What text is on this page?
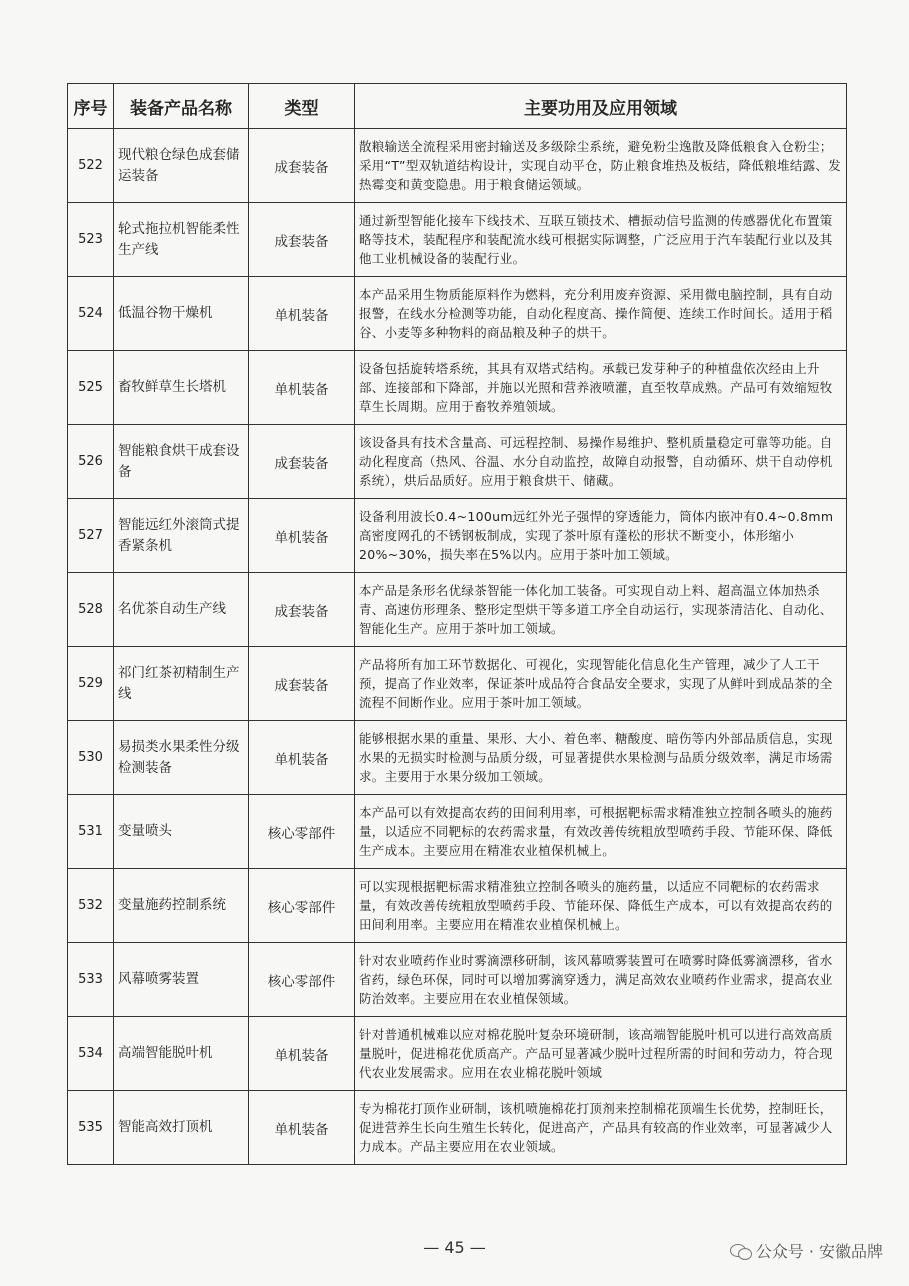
序号	装备产品名称	类型	主要功用及应用领域
522	现代粮仓绿色成套储运装备	成套装备	散粮输送全流程采用密封输送及多级除尘系统，避免粉尘逸散及降低粮食入仓粉尘；采用“T”型双轨道结构设计，实现自动平仓，防止粮食堆热及板结，降低粮堆结露、发热霉变和黄变隐患。用于粮食储运领域。
523	轮式拖拉机智能柔性生产线	成套装备	通过新型智能化接车下线技术、互联互锁技术、槽振动信号监测的传感器优化布置策略等技术，装配程序和装配流水线可根据实际调整，广泛应用于汽车装配行业以及其他工业机械设备的装配行业。
524	低温谷物干燥机	单机装备	本产品采用生物质能原料作为燃料，充分利用废弃资源、采用微电脑控制，具有自动报警，在线水分检测等功能，自动化程度高、操作简便、连续工作时间长。适用于稻谷、小麦等多种物料的商品粮及种子的烘干。
525	畜牧鲜草生长塔机	单机装备	设备包括旋转塔系统，其具有双塔式结构。承载已发芽种子的种植盘依次经由上升部、连接部和下降部，并施以光照和营养液喷灌，直至牧草成熟。产品可有效缩短牧草生长周期。应用于畜牧养殖领域。
526	智能粮食烘干成套设备	成套装备	该设备具有技术含量高、可远程控制、易操作易维护、整机质量稳定可靠等功能。自动化程度高（热风、谷温、水分自动监控，故障自动报警，自动循环、烘干自动停机系统），烘后品质好。应用于粮食烘干、储藏。
527	智能远红外滚筒式提香紧条机	单机装备	设备利用波长0.4~100um远红外光子强悍的穿透能力，筒体内嵌冲有0.4~0.8mm高密度网孔的不锈钢板制成，实现了茶叶原有蓬松的形状不断变小，体形缩小20%~30%，损失率在5%以内。应用于茶叶加工领域。
528	名优茶自动生产线	成套装备	本产品是条形名优绿茶智能一体化加工装备。可实现自动上料、超高温立体加热杀青、高速仿形理条、整形定型烘干等多道工序全自动运行，实现茶清洁化、自动化、智能化生产。应用于茶叶加工领域。
529	祁门红茶初精制生产线	成套装备	产品将所有加工环节数据化、可视化，实现智能化信息化生产管理，减少了人工干预，提高了作业效率，保证茶叶成品符合食品安全要求，实现了从鲜叶到成品茶的全流程不间断作业。应用于茶叶加工领域。
530	易损类水果柔性分级检测装备	单机装备	能够根据水果的重量、果形、大小、着色率、糖酸度、暗伤等内外部品质信息，实现水果的无损实时检测与品质分级，可显著提供水果检测与品质分级效率，满足市场需求。主要用于水果分级加工领域。
531	变量喷头	核心零部件	本产品可以有效提高农药的田间利用率，可根据靶标需求精准独立控制各喷头的施药量，以适应不同靶标的农药需求量，有效改善传统粗放型喷药手段、节能环保、降低生产成本。主要应用在精准农业植保机械上。
532	变量施药控制系统	核心零部件	可以实现根据靶标需求精准独立控制各喷头的施药量，以适应不同靶标的农药需求量，有效改善传统粗放型喷药手段、节能环保、降低生产成本，可以有效提高农药的田间利用率。主要应用在精准农业植保机械上。
533	风幕喷雾装置	核心零部件	针对农业喷药作业时雾滴漂移研制，该风幕喷雾装置可在喷雾时降低雾滴漂移，省水省药，绿色环保，同时可以增加雾滴穿透力，满足高效农业喷药作业需求，提高农业防治效率。主要应用在农业植保领域。
534	高端智能脱叶机	单机装备	针对普通机械难以应对棉花脱叶复杂环境研制，该高端智能脱叶机可以进行高效高质量脱叶，促进棉花优质高产。产品可显著减少脱叶过程所需的时间和劳动力，符合现代农业发展需求。应用在农业棉花脱叶领域
535	智能高效打顶机	单机装备	专为棉花打顶作业研制，该机喷施棉花打顶剂来控制棉花顶端生长优势，控制旺长，促进营养生长向生殖生长转化，促进高产，产品具有较高的作业效率，可显著减少人力成本。产品主要应用在农业领域。
— 45 —	公众号 · 安徽品牌
